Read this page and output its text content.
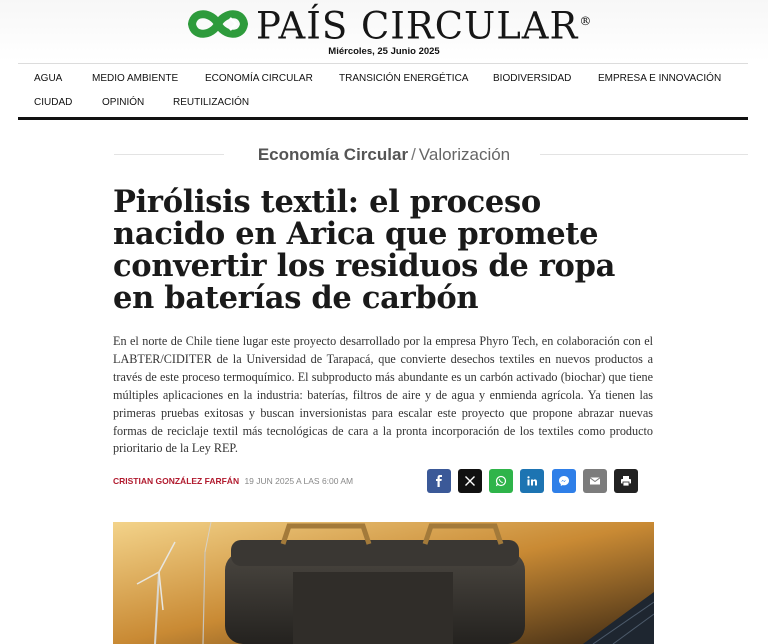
PAÍS CIRCULAR®
Miércoles, 25 Junio 2025
AGUA	MEDIO AMBIENTE	ECONOMÍA CIRCULAR	TRANSICIÓN ENERGÉTICA BIODIVERSIDAD	EMPRESA E INNOVACIÓN
CIUDAD	OPINIÓN	REUTILIZACIÓN
Economía Circular / Valorización
Pirólisis textil: el proceso nacido en Arica que promete convertir los residuos de ropa en baterías de carbón

En el norte de Chile tiene lugar este proyecto desarrollado por la empresa Phyro Tech, en colaboración con el LABTER/CIDITER de la Universidad de Tarapacá, que convierte desechos textiles en nuevos productos a través de este proceso termoquímico. El subproducto más abundante es un carbón activado (biochar) que tiene múltiples aplicaciones en la industria: baterías, filtros de aire y de agua y enmienda agrícola. Ya tienen las primeras pruebas exitosas y buscan inversionistas para escalar este proyecto que propone abrazar nuevas formas de reciclaje textil más tecnológicas de cara a la pronta incorporación de los textiles como producto prioritario de la Ley REP.

CRISTIAN GONZÁLEZ FARFÁN 19 JUN 2025 A LAS 6:00 AM
